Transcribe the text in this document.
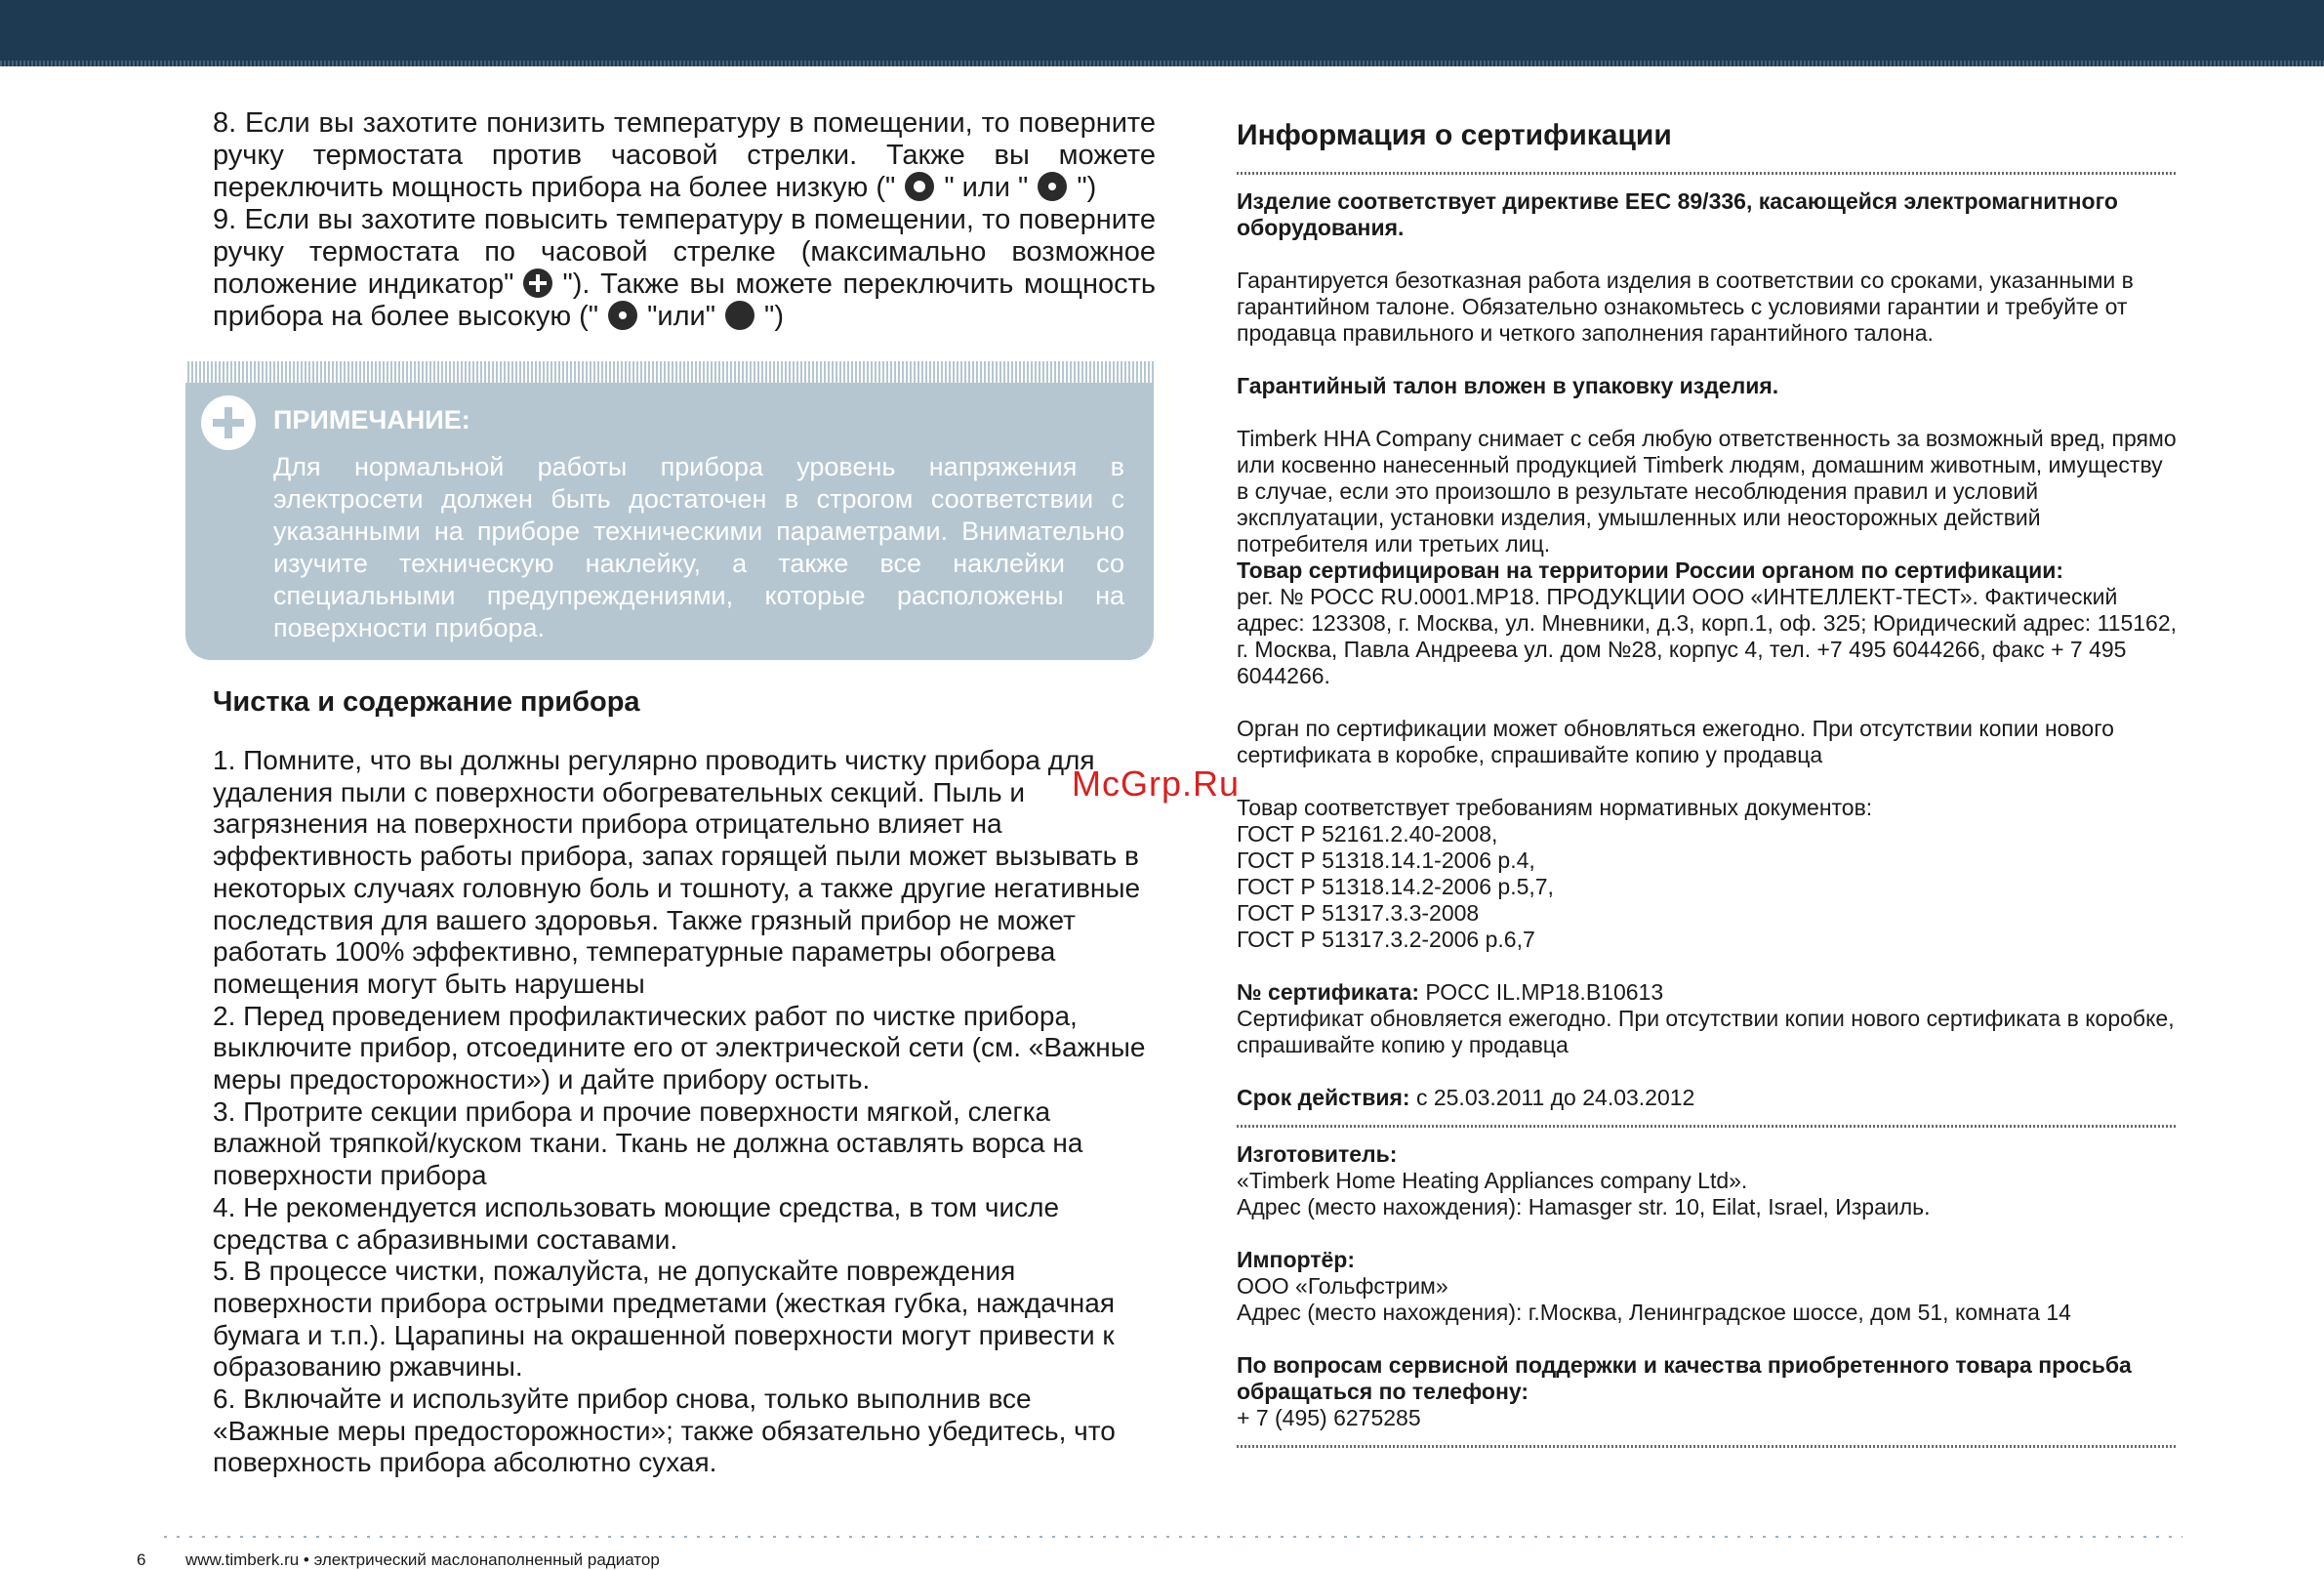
8. Если вы захотите понизить температуру в помещении, то поверните ручку термостата против часовой стрелки. Также вы можете переключить мощность прибора на более низкую (" " или " ")

9. Если вы захотите повысить температуру в помещении, то поверните ручку термостата по часовой стрелке (максимально возможное положение индикатор" "). Также вы можете переключить мощность прибора на более высокую (" "или" ")

ПРИМЕЧАНИЕ:
Для нормальной работы прибора уровень напряжения в электросети должен быть достаточен в строгом соответствии с указанными на приборе техническими параметрами. Внимательно изучите техническую наклейку, а также все наклейки со специальными предупреждениями, которые расположены на поверхности прибора.
Чистка и содержание прибора

1. Помните, что вы должны регулярно проводить чистку прибора для удаления пыли с поверхности обогревательных секций. Пыль и загрязнения на поверхности прибора отрицательно влияет на эффективность работы прибора, запах горящей пыли может вызывать в некоторых случаях головную боль и тошноту, а также другие негативные последствия для вашего здоровья. Также грязный прибор не может работать 100% эффективно, температурные параметры обогрева помещения могут быть нарушены
2. Перед проведением профилактических работ по чистке прибора, выключите прибор, отсоедините его от электрической сети (см. «Важные меры предосторожности») и дайте прибору остыть.
3. Протрите секции прибора и прочие поверхности мягкой, слегка влажной тряпкой/куском ткани. Ткань не должна оставлять ворса на поверхности прибора
4. Не рекомендуется использовать моющие средства, в том числе средства с абразивными составами.
5. В процессе чистки, пожалуйста, не допускайте повреждения поверхности прибора острыми предметами (жесткая губка, наждачная бумага и т.п.). Царапины на окрашенной поверхности могут привести к образованию ржавчины.
6. Включайте и используйте прибор снова, только выполнив все «Важные меры предосторожности»; также обязательно убедитесь, что поверхность прибора абсолютно сухая.

McGrp.Ru
Информация о сертификации
Изделие соответствует директиве EEC 89/336, касающейся электромагнитного оборудования.
Гарантируется безотказная работа изделия в соответствии со сроками, указанными в гарантийном талоне. Обязательно ознакомьтесь с условиями гарантии и требуйте от продавца правильного и четкого заполнения гарантийного талона.
Гарантийный талон вложен в упаковку изделия.
Timberk HHA Company снимает с себя любую ответственность за возможный вред, прямо или косвенно нанесенный продукцией Timberk людям, домашним животным, имуществу в случае, если это произошло в результате несоблюдения правил и условий эксплуатации, установки изделия, умышленных или неосторожных действий потребителя или третьих лиц.
Товар сертифицирован на территории России органом по сертификации:
рег. № РОСС RU.0001.МР18. ПРОДУКЦИИ ООО «ИНТЕЛЛЕКТ-ТЕСТ». Фактический адрес: 123308, г. Москва, ул. Мневники, д.3, корп.1, оф. 325; Юридический адрес: 115162, г. Москва, Павла Андреева ул. дом №28, корпус 4, тел. +7 495 6044266, факс + 7 495 6044266.
Орган по сертификации может обновляться ежегодно. При отсутствии копии нового сертификата в коробке, спрашивайте копию у продавца
Товар соответствует требованиям нормативных документов:
ГОСТ Р 52161.2.40-2008,
ГОСТ Р 51318.14.1-2006 р.4,
ГОСТ Р 51318.14.2-2006 р.5,7,
ГОСТ Р 51317.3.3-2008
ГОСТ Р 51317.3.2-2006 р.6,7
№ сертификата: РОСС IL.МР18.В10613
Сертификат обновляется ежегодно. При отсутствии копии нового сертификата в коробке, спрашивайте копию у продавца
Срок действия: с 25.03.2011 до 24.03.2012
Изготовитель:
«Timberk Home Heating Appliances company Ltd».
Адрес (место нахождения): Hamasger str. 10, Eilat, Israel, Израиль.
Импортёр:
ООО «Гольфстрим»
Адрес (место нахождения): г.Москва, Ленинградское шоссе, дом 51, комната 14
По вопросам сервисной поддержки и качества приобретенного товара просьба обращаться по телефону:
+ 7 (495) 6275285
6 www.timberk.ru • электрический маслонаполненный радиатор
